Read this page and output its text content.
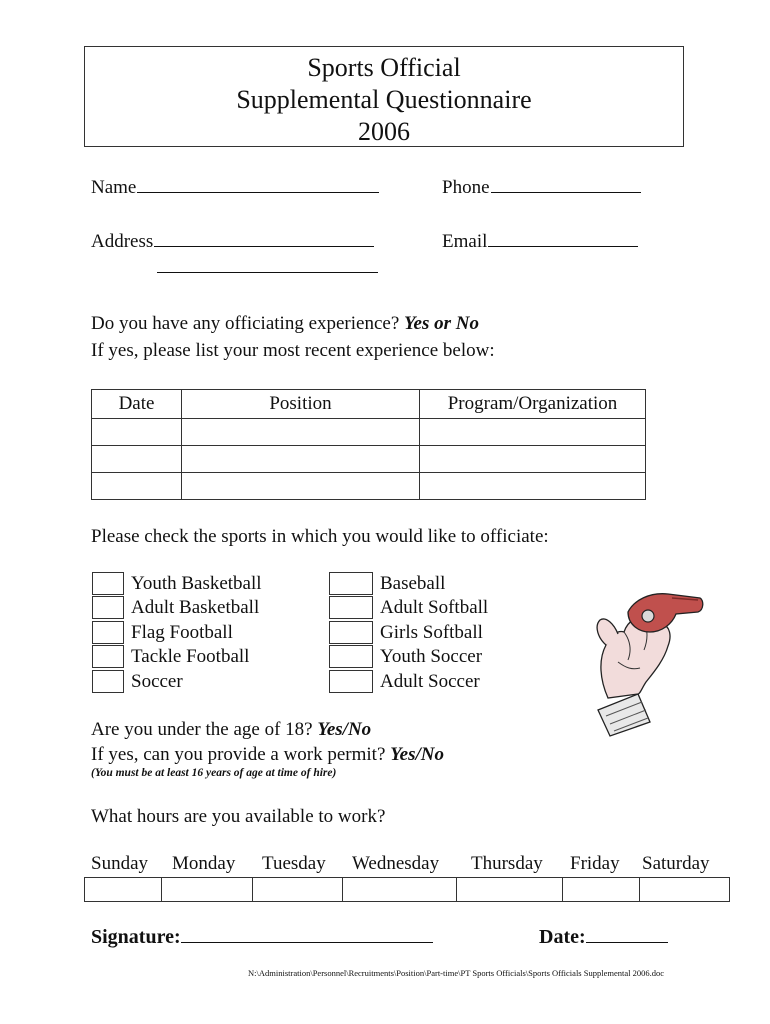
Sports Official
Supplemental Questionnaire
2006
Name	Phone
Address	Email
Do you have any officiating experience? Yes or No
If yes, please list your most recent experience below:
Date	Position	Program/Organization

Please check the sports in which you would like to officiate:
Youth Basketball
Adult Basketball
Flag Football
Tackle Football
Soccer
Baseball
Adult Softball
Girls Softball
Youth Soccer
Adult Soccer
Are you under the age of 18? Yes/No
If yes, can you provide a work permit? Yes/No
(You must be at least 16 years of age at time of hire)
What hours are you available to work?
Sunday Monday Tuesday Wednesday Thursday Friday Saturday

Signature:	Date:
N:\Administration\Personnel\Recruitments\Position\Part-time\PT Sports Officials\Sports Officials Supplemental 2006.doc
